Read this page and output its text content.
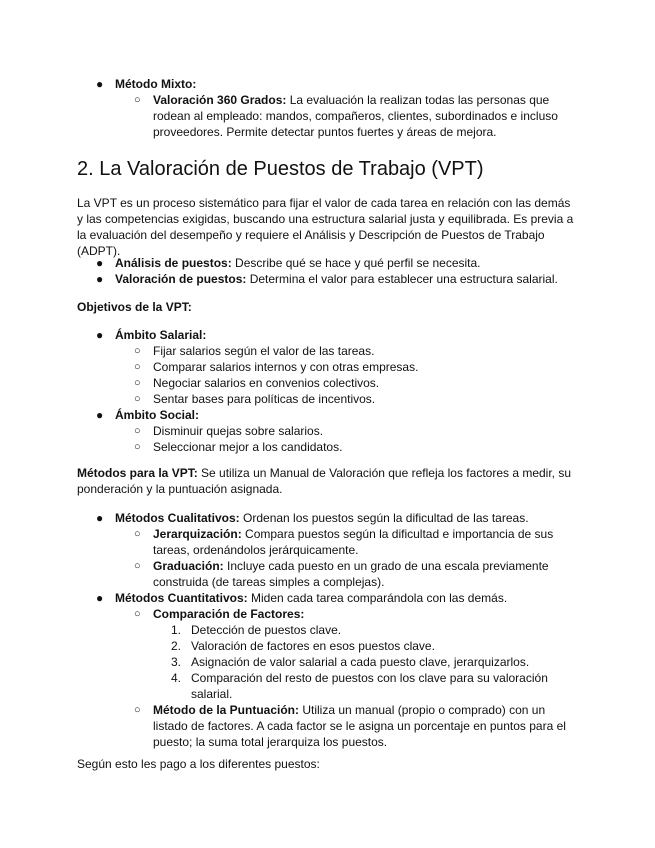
● Método Mixto:
○ Valoración 360 Grados: La evaluación la realizan todas las personas que rodean al empleado: mandos, compañeros, clientes, subordinados e incluso proveedores. Permite detectar puntos fuertes y áreas de mejora.
2. La Valoración de Puestos de Trabajo (VPT)

La VPT es un proceso sistemático para fijar el valor de cada tarea en relación con las demás y las competencias exigidas, buscando una estructura salarial justa y equilibrada. Es previa a la evaluación del desempeño y requiere el Análisis y Descripción de Puestos de Trabajo (ADPT).

● Análisis de puestos: Describe qué se hace y qué perfil se necesita.
● Valoración de puestos: Determina el valor para establecer una estructura salarial.

Objetivos de la VPT:

● Ámbito Salarial:
○ Fijar salarios según el valor de las tareas.
○ Comparar salarios internos y con otras empresas.
○ Negociar salarios en convenios colectivos.
○ Sentar bases para políticas de incentivos.
● Ámbito Social:
○ Disminuir quejas sobre salarios.
○ Seleccionar mejor a los candidatos.

Métodos para la VPT: Se utiliza un Manual de Valoración que refleja los factores a medir, su ponderación y la puntuación asignada.

● Métodos Cualitativos: Ordenan los puestos según la dificultad de las tareas.
○ Jerarquización: Compara puestos según la dificultad e importancia de sus tareas, ordenándolos jerárquicamente.
○ Graduación: Incluye cada puesto en un grado de una escala previamente construida (de tareas simples a complejas).
● Métodos Cuantitativos: Miden cada tarea comparándola con las demás.
○ Comparación de Factores:
1. Detección de puestos clave.
2. Valoración de factores en esos puestos clave.
3. Asignación de valor salarial a cada puesto clave, jerarquizarlos.
4. Comparación del resto de puestos con los clave para su valoración salarial.
○ Método de la Puntuación: Utiliza un manual (propio o comprado) con un listado de factores. A cada factor se le asigna un porcentaje en puntos para el puesto; la suma total jerarquiza los puestos.

Según esto les pago a los diferentes puestos:
